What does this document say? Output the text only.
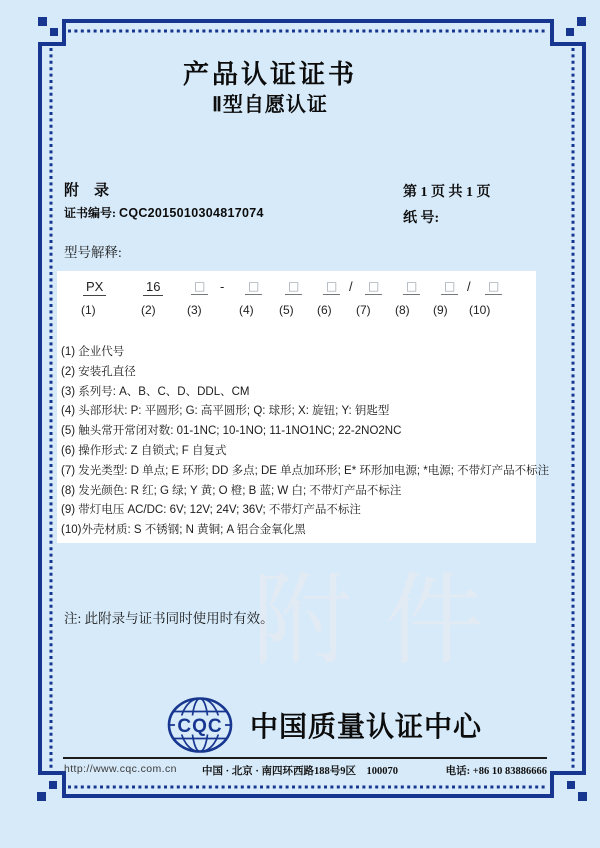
产品认证证书
Ⅱ型自愿认证
附　录
证书编号: CQC2015010304817074
第 1 页 共 1 页
纸 号:
型号解释:
PX	16	□ - □ □ □ / □ □ □ / □
(1)	(2)	(3)	(4) (5) (6) (7) (8) (9) (10)
(1) 企业代号
(2) 安装孔直径
(3) 系列号: A、B、C、D、DDL、CM
(4) 头部形状: P: 平圆形; G: 高平圆形; Q: 球形; X: 旋钮; Y: 钥匙型
(5) 触头常开常闭对数: 01-1NC; 10-1NO; 11-1NO1NC; 22-2NO2NC
(6) 操作形式: Z 自锁式; F 自复式
(7) 发光类型: D 单点; E 环形; DD 多点; DE 单点加环形; E* 环形加电源; *电源; 不带灯产品不标注
(8) 发光颜色: R 红; G 绿; Y 黄; O 橙; B 蓝; W 白; 不带灯产品不标注
(9) 带灯电压 AC/DC: 6V; 12V; 24V; 36V; 不带灯产品不标注
(10)外壳材质: S 不锈钢; N 黄铜; A 铝合金氧化黑
附件
注: 此附录与证书同时使用时有效。
CQC 中国质量认证中心
http://www.cqc.com.cn	中国 · 北京 · 南四环西路188号9区　100070	电话: +86 10 83886666
